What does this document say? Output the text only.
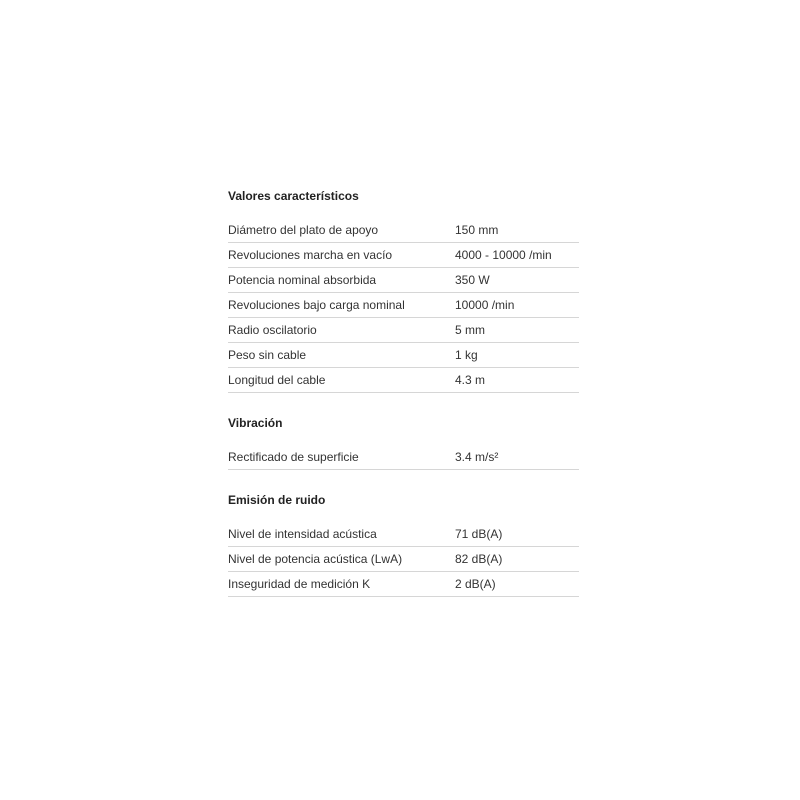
Valores característicos
Diámetro del plato de apoyo	150 mm
Revoluciones marcha en vacío	4000 - 10000 /min
Potencia nominal absorbida	350 W
Revoluciones bajo carga nominal	10000 /min
Radio oscilatorio	5 mm
Peso sin cable	1 kg
Longitud del cable	4.3 m
Vibración
Rectificado de superficie	3.4 m/s²
Emisión de ruido
Nivel de intensidad acústica	71 dB(A)
Nivel de potencia acústica (LwA)	82 dB(A)
Inseguridad de medición K	2 dB(A)
